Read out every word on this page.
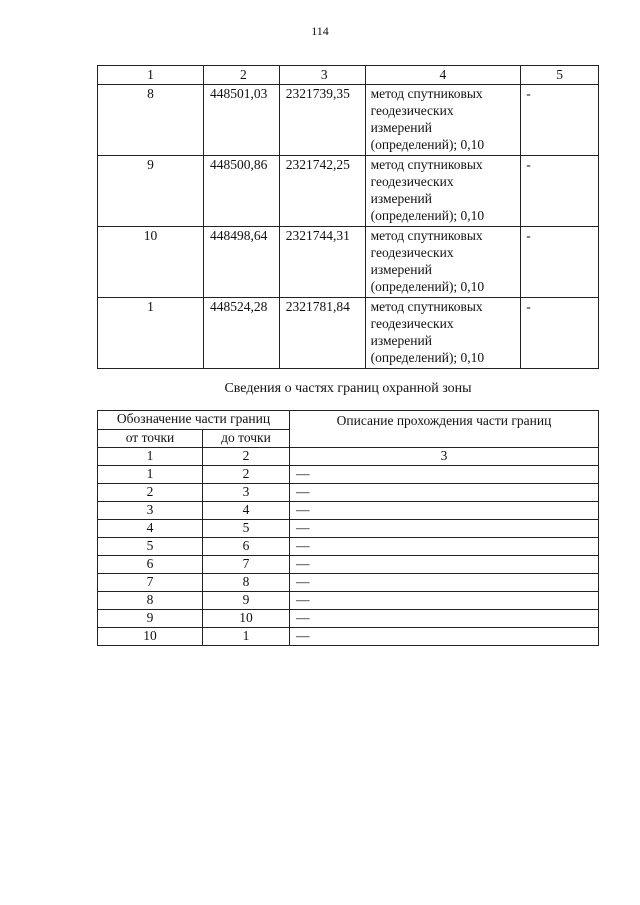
114
1	2	3	4	5
8	448501,03	2321739,35	метод спутниковых геодезических измерений (определений); 0,10	-
9	448500,86	2321742,25	метод спутниковых геодезических измерений (определений); 0,10	-
10	448498,64	2321744,31	метод спутниковых геодезических измерений (определений); 0,10	-
1	448524,28	2321781,84	метод спутниковых геодезических измерений (определений); 0,10	-
Сведения о частях границ охранной зоны
Обозначение части границ		Описание прохождения части границ
от точки	до точки	
1	2	3
1	2	—
2	3	—
3	4	—
4	5	—
5	6	—
6	7	—
7	8	—
8	9	—
9	10	—
10	1	—
